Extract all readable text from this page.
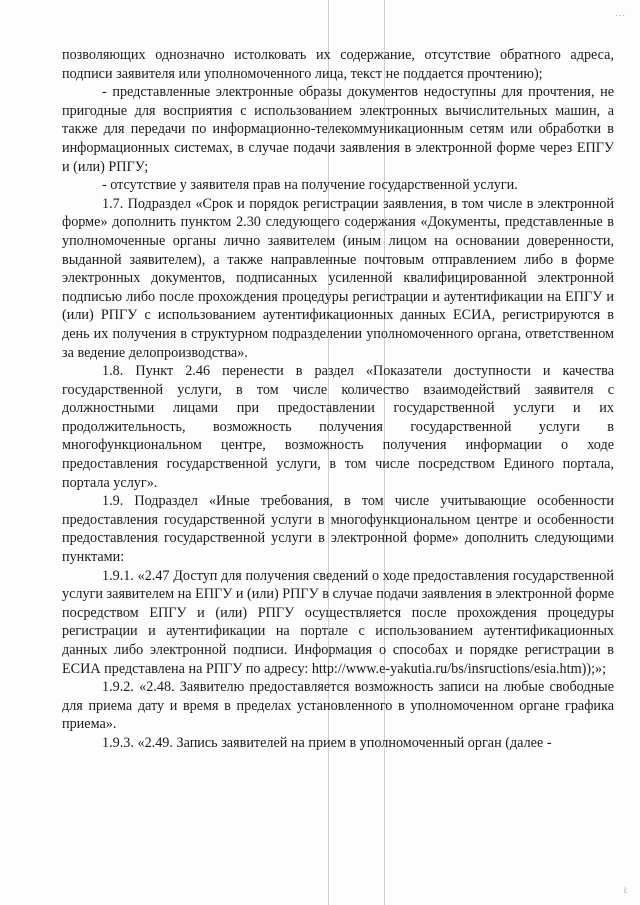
...

позволяющих однозначно истолковать их содержание, отсутствие обратного адреса, подписи заявителя или уполномоченного лица, текст не поддается прочтению);

- представленные электронные образы документов недоступны для прочтения, не пригодные для восприятия с использованием электронных вычислительных машин, а также для передачи по информационно-телекоммуникационным сетям или обработки в информационных системах, в случае подачи заявления в электронной форме через ЕПГУ и (или) РПГУ;

- отсутствие у заявителя прав на получение государственной услуги.

1.7. Подраздел «Срок и порядок регистрации заявления, в том числе в электронной форме» дополнить пунктом 2.30 следующего содержания «Документы, представленные в уполномоченные органы лично заявителем (иным лицом на основании доверенности, выданной заявителем), а также направленные почтовым отправлением либо в форме электронных документов, подписанных усиленной квалифицированной электронной подписью либо после прохождения процедуры регистрации и аутентификации на ЕПГУ и (или) РПГУ с использованием аутентификационных данных ЕСИА, регистрируются в день их получения в структурном подразделении уполномоченного органа, ответственном за ведение делопроизводства».

1.8. Пункт 2.46 перенести в раздел «Показатели доступности и качества государственной услуги, в том числе количество взаимодействий заявителя с должностными лицами при предоставлении государственной услуги и их продолжительность, возможность получения государственной услуги в многофункциональном центре, возможность получения информации о ходе предоставления государственной услуги, в том числе посредством Единого портала, портала услуг».

1.9. Подраздел «Иные требования, в том числе учитывающие особенности предоставления государственной услуги в многофункциональном центре и особенности предоставления государственной услуги в электронной форме» дополнить следующими пунктами:

1.9.1. «2.47 Доступ для получения сведений о ходе предоставления государственной услуги заявителем на ЕПГУ и (или) РПГУ в случае подачи заявления в электронной форме посредством ЕПГУ и (или) РПГУ осуществляется после прохождения процедуры регистрации и аутентификации на портале с использованием аутентификационных данных либо электронной подписи. Информация о способах и порядке регистрации в ЕСИА представлена на РПГУ по адресу: http://www.e-yakutia.ru/bs/insructions/esia.htm));»;

1.9.2. «2.48. Заявителю предоставляется возможность записи на любые свободные для приема дату и время в пределах установленного в уполномоченном органе графика приема».

1.9.3. «2.49. Запись заявителей на прием в уполномоченный орган (далее -

i:
